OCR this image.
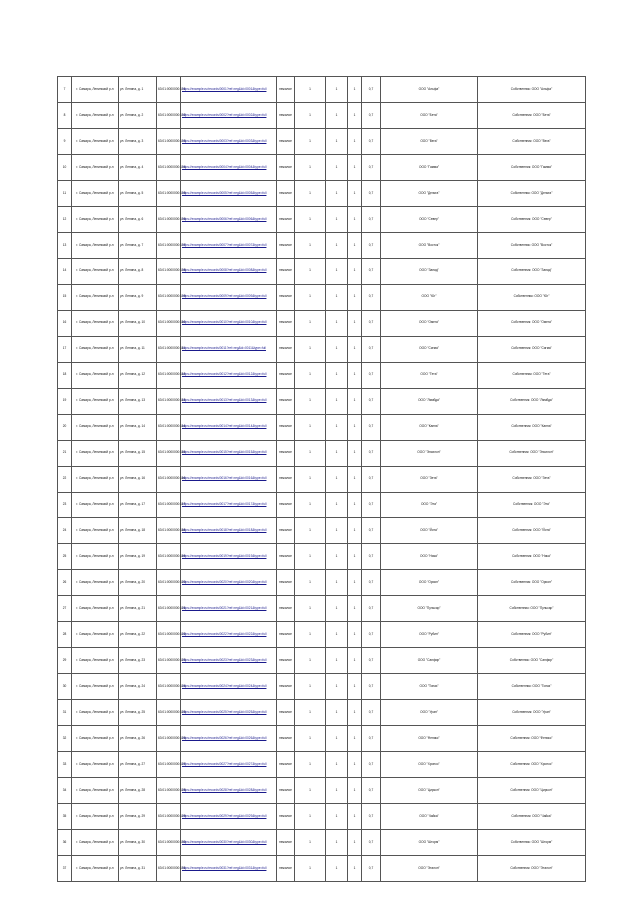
7	г. Самара, Ленинский р-н	ул. Ленина, д. 1	63:01:0000000:101	https://example.ru/records/0001?ref=reg&id=0001&type=full	нежилое	1	1	1	0,7	ООО "Альфа"	Собственник: ООО "Альфа"
8	г. Самара, Ленинский р-н	ул. Ленина, д. 2	63:01:0000000:102	https://example.ru/records/0002?ref=reg&id=0002&type=full	нежилое	1	1	1	0,7	ООО "Бета"	Собственник: ООО "Бета"
9	г. Самара, Ленинский р-н	ул. Ленина, д. 3	63:01:0000000:103	https://example.ru/records/0003?ref=reg&id=0003&type=full	нежилое	1	1	1	0,7	ООО "Вега"	Собственник: ООО "Вега"
10	г. Самара, Ленинский р-н	ул. Ленина, д. 4	63:01:0000000:104	https://example.ru/records/0004?ref=reg&id=0004&type=full	нежилое	1	1	1	0,7	ООО "Гамма"	Собственник: ООО "Гамма"
11	г. Самара, Ленинский р-н	ул. Ленина, д. 5	63:01:0000000:105	https://example.ru/records/0005?ref=reg&id=0005&type=full	нежилое	1	1	1	0,7	ООО "Дельта"	Собственник: ООО "Дельта"
12	г. Самара, Ленинский р-н	ул. Ленина, д. 6	63:01:0000000:106	https://example.ru/records/0006?ref=reg&id=0006&type=full	нежилое	1	1	1	0,7	ООО "Север"	Собственник: ООО "Север"
13	г. Самара, Ленинский р-н	ул. Ленина, д. 7	63:01:0000000:107	https://example.ru/records/0007?ref=reg&id=0007&type=full	нежилое	1	1	1	0,7	ООО "Восток"	Собственник: ООО "Восток"
14	г. Самара, Ленинский р-н	ул. Ленина, д. 8	63:01:0000000:108	https://example.ru/records/0008?ref=reg&id=0008&type=full	нежилое	1	1	1	0,7	ООО "Запад"	Собственник: ООО "Запад"
15	г. Самара, Ленинский р-н	ул. Ленина, д. 9	63:01:0000000:109	https://example.ru/records/0009?ref=reg&id=0009&type=full	нежилое	1	1	1	0,7	ООО "Юг"	Собственник: ООО "Юг"
16	г. Самара, Ленинский р-н	ул. Ленина, д. 10	63:01:0000000:110	https://example.ru/records/0010?ref=reg&id=0010&type=full	нежилое	1	1	1	0,7	ООО "Омега"	Собственник: ООО "Омега"
17	г. Самара, Ленинский р-н	ул. Ленина, д. 11	63:01:0000000:111	https://example.ru/records/0011?ref=reg&id=0011&type=full	нежилое	1	1	1	0,7	ООО "Сигма"	Собственник: ООО "Сигма"
18	г. Самара, Ленинский р-н	ул. Ленина, д. 12	63:01:0000000:112	https://example.ru/records/0012?ref=reg&id=0012&type=full	нежилое	1	1	1	0,7	ООО "Тета"	Собственник: ООО "Тета"
19	г. Самара, Ленинский р-н	ул. Ленина, д. 13	63:01:0000000:113	https://example.ru/records/0013?ref=reg&id=0013&type=full	нежилое	1	1	1	0,7	ООО "Лямбда"	Собственник: ООО "Лямбда"
20	г. Самара, Ленинский р-н	ул. Ленина, д. 14	63:01:0000000:114	https://example.ru/records/0014?ref=reg&id=0014&type=full	нежилое	1	1	1	0,7	ООО "Каппа"	Собственник: ООО "Каппа"
21	г. Самара, Ленинский р-н	ул. Ленина, д. 15	63:01:0000000:115	https://example.ru/records/0015?ref=reg&id=0015&type=full	нежилое	1	1	1	0,7	ООО "Эпсилон"	Собственник: ООО "Эпсилон"
22	г. Самара, Ленинский р-н	ул. Ленина, д. 16	63:01:0000000:116	https://example.ru/records/0016?ref=reg&id=0016&type=full	нежилое	1	1	1	0,7	ООО "Зета"	Собственник: ООО "Зета"
23	г. Самара, Ленинский р-н	ул. Ленина, д. 17	63:01:0000000:117	https://example.ru/records/0017?ref=reg&id=0017&type=full	нежилое	1	1	1	0,7	ООО "Эта"	Собственник: ООО "Эта"
24	г. Самара, Ленинский р-н	ул. Ленина, д. 18	63:01:0000000:118	https://example.ru/records/0018?ref=reg&id=0018&type=full	нежилое	1	1	1	0,7	ООО "Йота"	Собственник: ООО "Йота"
25	г. Самара, Ленинский р-н	ул. Ленина, д. 19	63:01:0000000:119	https://example.ru/records/0019?ref=reg&id=0019&type=full	нежилое	1	1	1	0,7	ООО "Ника"	Собственник: ООО "Ника"
26	г. Самара, Ленинский р-н	ул. Ленина, д. 20	63:01:0000000:120	https://example.ru/records/0020?ref=reg&id=0020&type=full	нежилое	1	1	1	0,7	ООО "Орион"	Собственник: ООО "Орион"
27	г. Самара, Ленинский р-н	ул. Ленина, д. 21	63:01:0000000:121	https://example.ru/records/0021?ref=reg&id=0021&type=full	нежилое	1	1	1	0,7	ООО "Пульсар"	Собственник: ООО "Пульсар"
28	г. Самара, Ленинский р-н	ул. Ленина, д. 22	63:01:0000000:122	https://example.ru/records/0022?ref=reg&id=0022&type=full	нежилое	1	1	1	0,7	ООО "Рубин"	Собственник: ООО "Рубин"
29	г. Самара, Ленинский р-н	ул. Ленина, д. 23	63:01:0000000:123	https://example.ru/records/0023?ref=reg&id=0023&type=full	нежилое	1	1	1	0,7	ООО "Сапфир"	Собственник: ООО "Сапфир"
30	г. Самара, Ленинский р-н	ул. Ленина, д. 24	63:01:0000000:124	https://example.ru/records/0024?ref=reg&id=0024&type=full	нежилое	1	1	1	0,7	ООО "Топаз"	Собственник: ООО "Топаз"
31	г. Самара, Ленинский р-н	ул. Ленина, д. 25	63:01:0000000:125	https://example.ru/records/0025?ref=reg&id=0025&type=full	нежилое	1	1	1	0,7	ООО "Уран"	Собственник: ООО "Уран"
32	г. Самара, Ленинский р-н	ул. Ленина, д. 26	63:01:0000000:126	https://example.ru/records/0026?ref=reg&id=0026&type=full	нежилое	1	1	1	0,7	ООО "Феникс"	Собственник: ООО "Феникс"
33	г. Самара, Ленинский р-н	ул. Ленина, д. 27	63:01:0000000:127	https://example.ru/records/0027?ref=reg&id=0027&type=full	нежилое	1	1	1	0,7	ООО "Хронос"	Собственник: ООО "Хронос"
34	г. Самара, Ленинский р-н	ул. Ленина, д. 28	63:01:0000000:128	https://example.ru/records/0028?ref=reg&id=0028&type=full	нежилое	1	1	1	0,7	ООО "Циркон"	Собственник: ООО "Циркон"
35	г. Самара, Ленинский р-н	ул. Ленина, д. 29	63:01:0000000:129	https://example.ru/records/0029?ref=reg&id=0029&type=full	нежилое	1	1	1	0,7	ООО "Чайка"	Собственник: ООО "Чайка"
36	г. Самара, Ленинский р-н	ул. Ленина, д. 30	63:01:0000000:130	https://example.ru/records/0030?ref=reg&id=0030&type=full	нежилое	1	1	1	0,7	ООО "Шторм"	Собственник: ООО "Шторм"
37	г. Самара, Ленинский р-н	ул. Ленина, д. 31	63:01:0000000:131	https://example.ru/records/0031?ref=reg&id=0031&type=full	нежилое	1	1	1	0,7	ООО "Эталон"	Собственник: ООО "Эталон"
